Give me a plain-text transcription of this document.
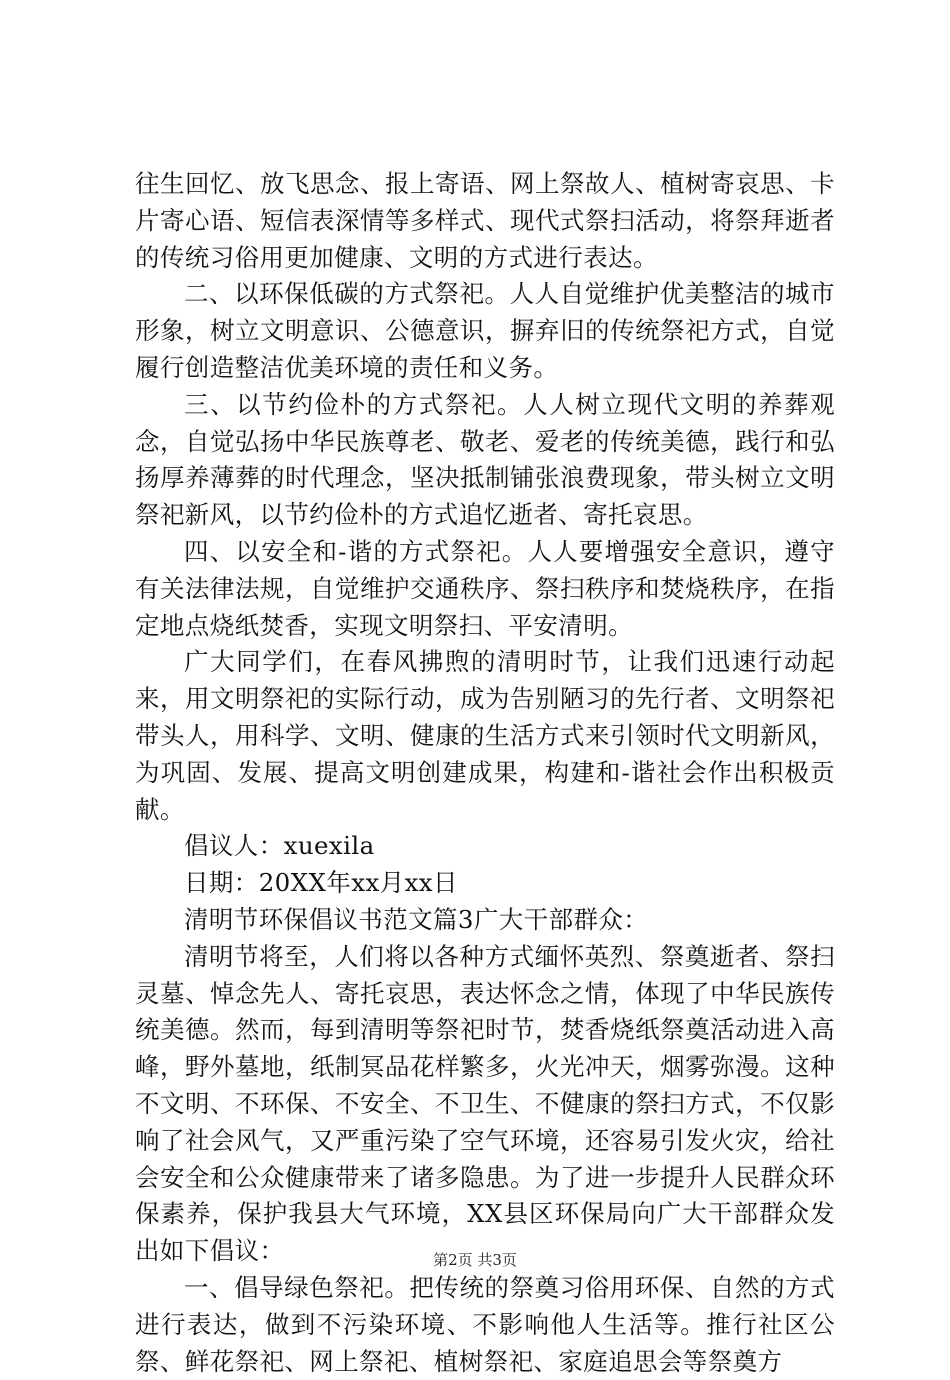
往生回忆、放飞思念、报上寄语、网上祭故人、植树寄哀思、卡片寄心语、短信表深情等多样式、现代式祭扫活动，将祭拜逝者的传统习俗用更加健康、文明的方式进行表达。

二、以环保低碳的方式祭祀。人人自觉维护优美整洁的城市形象，树立文明意识、公德意识，摒弃旧的传统祭祀方式，自觉履行创造整洁优美环境的责任和义务。

三、以节约俭朴的方式祭祀。人人树立现代文明的养葬观念，自觉弘扬中华民族尊老、敬老、爱老的传统美德，践行和弘扬厚养薄葬的时代理念，坚决抵制铺张浪费现象，带头树立文明祭祀新风，以节约俭朴的方式追忆逝者、寄托哀思。

四、以安全和-谐的方式祭祀。人人要增强安全意识，遵守有关法律法规，自觉维护交通秩序、祭扫秩序和焚烧秩序，在指定地点烧纸焚香，实现文明祭扫、平安清明。

广大同学们，在春风拂煦的清明时节，让我们迅速行动起来，用文明祭祀的实际行动，成为告别陋习的先行者、文明祭祀带头人，用科学、文明、健康的生活方式来引领时代文明新风，为巩固、发展、提高文明创建成果，构建和-谐社会作出积极贡献。

倡议人：xuexila

日期：20XX年xx月xx日

清明节环保倡议书范文篇3广大干部群众：

清明节将至，人们将以各种方式缅怀英烈、祭奠逝者、祭扫灵墓、悼念先人、寄托哀思，表达怀念之情，体现了中华民族传统美德。然而，每到清明等祭祀时节，焚香烧纸祭奠活动进入高峰，野外墓地，纸制冥品花样繁多，火光冲天，烟雾弥漫。这种不文明、不环保、不安全、不卫生、不健康的祭扫方式，不仅影响了社会风气，又严重污染了空气环境，还容易引发火灾，给社会安全和公众健康带来了诸多隐患。为了进一步提升人民群众环保素养，保护我县大气环境，XX县区环保局向广大干部群众发出如下倡议：

一、倡导绿色祭祀。把传统的祭奠习俗用环保、自然的方式进行表达，做到不污染环境、不影响他人生活等。推行社区公祭、鲜花祭祀、网上祭祀、植树祭祀、家庭追思会等祭奠方

第2页 共3页
